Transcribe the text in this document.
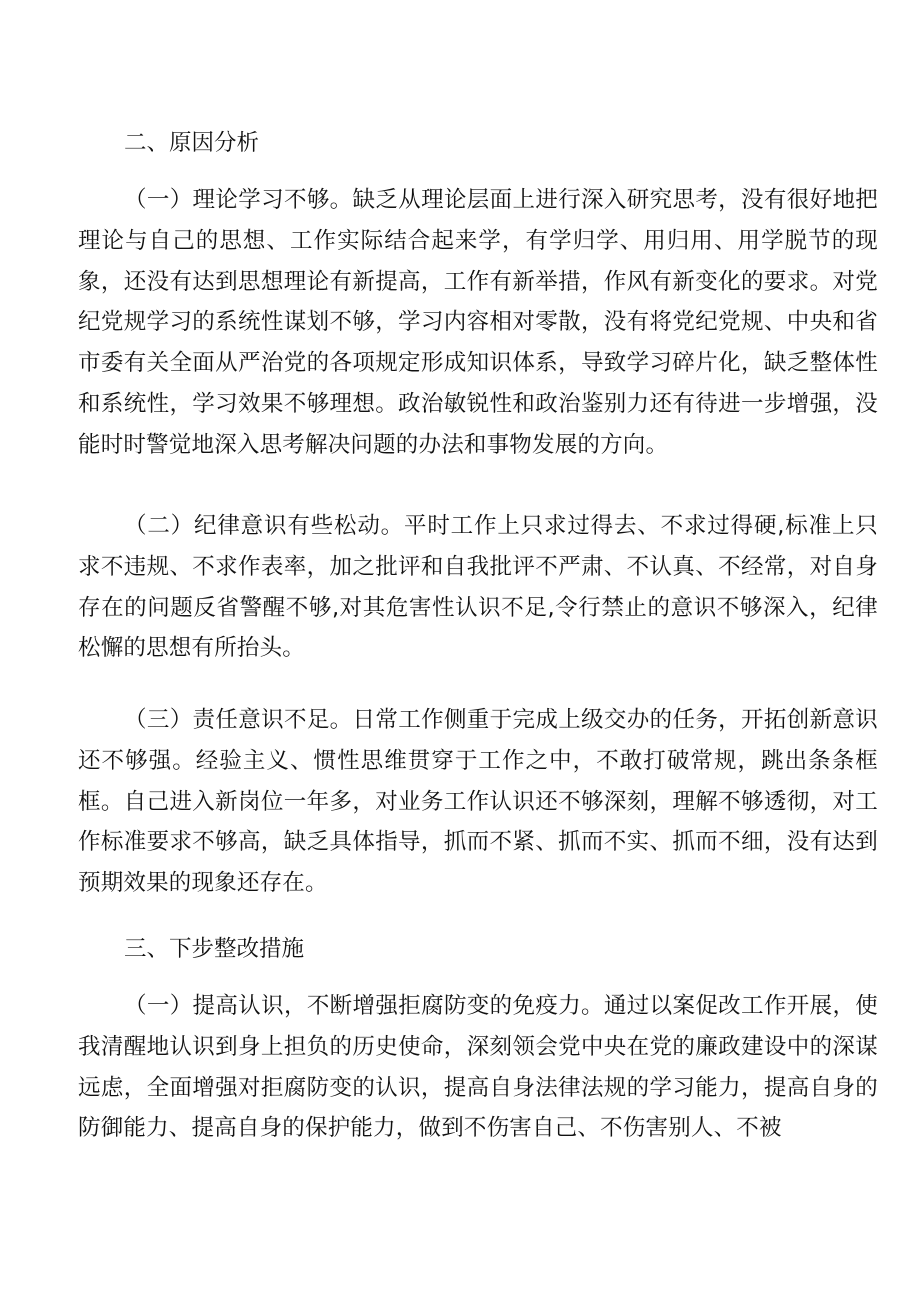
二、原因分析

（一）理论学习不够。缺乏从理论层面上进行深入研究思考，没有很好地把理论与自己的思想、工作实际结合起来学，有学归学、用归用、用学脱节的现象，还没有达到思想理论有新提高，工作有新举措，作风有新变化的要求。对党纪党规学习的系统性谋划不够，学习内容相对零散，没有将党纪党规、中央和省市委有关全面从严治党的各项规定形成知识体系，导致学习碎片化，缺乏整体性和系统性，学习效果不够理想。政治敏锐性和政治鉴别力还有待进一步增强，没能时时警觉地深入思考解决问题的办法和事物发展的方向。

（二）纪律意识有些松动。平时工作上只求过得去、不求过得硬,标准上只求不违规、不求作表率，加之批评和自我批评不严肃、不认真、不经常，对自身存在的问题反省警醒不够,对其危害性认识不足,令行禁止的意识不够深入，纪律松懈的思想有所抬头。

（三）责任意识不足。日常工作侧重于完成上级交办的任务，开拓创新意识还不够强。经验主义、惯性思维贯穿于工作之中，不敢打破常规，跳出条条框框。自己进入新岗位一年多，对业务工作认识还不够深刻，理解不够透彻，对工作标准要求不够高，缺乏具体指导，抓而不紧、抓而不实、抓而不细，没有达到预期效果的现象还存在。

三、下步整改措施

（一）提高认识，不断增强拒腐防变的免疫力。通过以案促改工作开展，使我清醒地认识到身上担负的历史使命，深刻领会党中央在党的廉政建设中的深谋远虑，全面增强对拒腐防变的认识，提高自身法律法规的学习能力，提高自身的防御能力、提高自身的保护能力，做到不伤害自己、不伤害别人、不被
